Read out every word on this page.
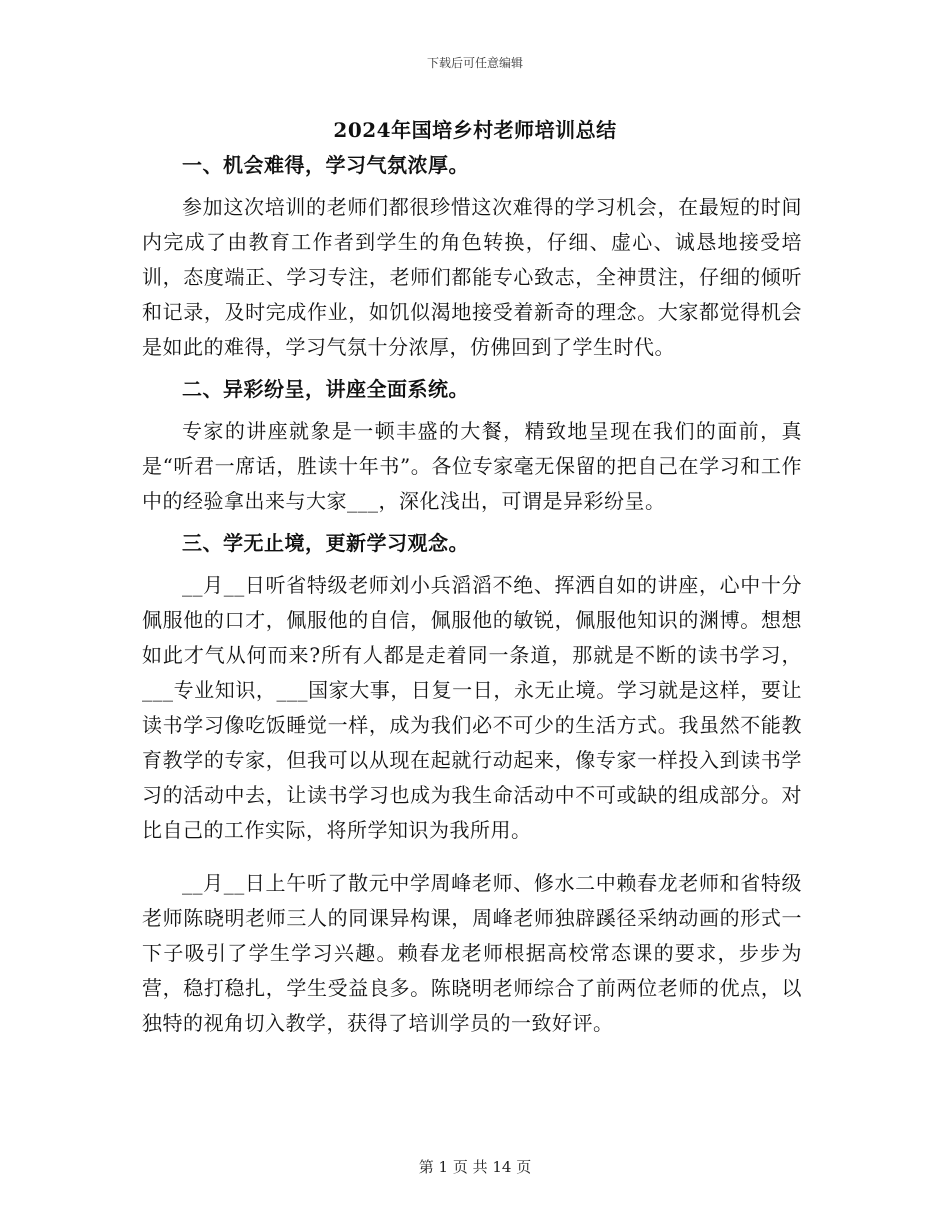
下载后可任意编辑
2024年国培乡村老师培训总结

一、机会难得，学习气氛浓厚。

参加这次培训的老师们都很珍惜这次难得的学习机会，在最短的时间内完成了由教育工作者到学生的角色转换，仔细、虚心、诚恳地接受培训，态度端正、学习专注，老师们都能专心致志，全神贯注，仔细的倾听和记录，及时完成作业，如饥似渴地接受着新奇的理念。大家都觉得机会是如此的难得，学习气氛十分浓厚，仿佛回到了学生时代。

二、异彩纷呈，讲座全面系统。

专家的讲座就象是一顿丰盛的大餐，精致地呈现在我们的面前，真是“听君一席话，胜读十年书”。各位专家毫无保留的把自己在学习和工作中的经验拿出来与大家___，深化浅出，可谓是异彩纷呈。

三、学无止境，更新学习观念。

__月__日听省特级老师刘小兵滔滔不绝、挥洒自如的讲座，心中十分佩服他的口才，佩服他的自信，佩服他的敏锐，佩服他知识的渊博。想想如此才气从何而来?所有人都是走着同一条道，那就是不断的读书学习，___专业知识，___国家大事，日复一日，永无止境。学习就是这样，要让读书学习像吃饭睡觉一样，成为我们必不可少的生活方式。我虽然不能教育教学的专家，但我可以从现在起就行动起来，像专家一样投入到读书学习的活动中去，让读书学习也成为我生命活动中不可或缺的组成部分。对比自己的工作实际，将所学知识为我所用。

__月__日上午听了散元中学周峰老师、修水二中赖春龙老师和省特级老师陈晓明老师三人的同课异构课，周峰老师独辟蹊径采纳动画的形式一下子吸引了学生学习兴趣。赖春龙老师根据高校常态课的要求，步步为营，稳打稳扎，学生受益良多。陈晓明老师综合了前两位老师的优点，以独特的视角切入教学，获得了培训学员的一致好评。

第 1 页 共 14 页
